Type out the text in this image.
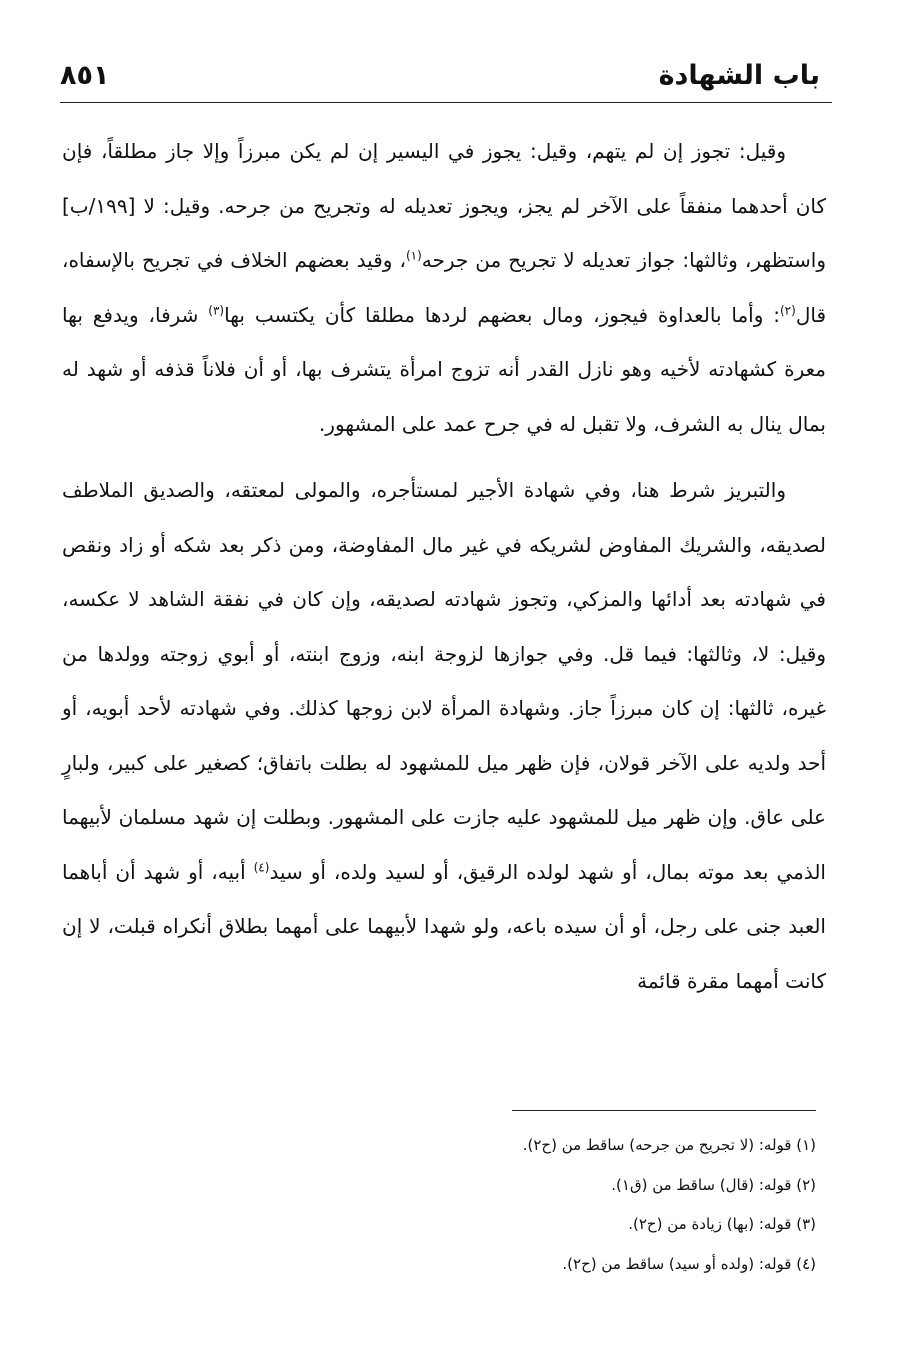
باب الشهادة
٨٥١

وقيل: تجوز إن لم يتهم، وقيل: يجوز في اليسير إن لم يكن مبرزاً وإلا جاز مطلقاً، فإن كان أحدهما منفقاً على الآخر لم يجز، ويجوز تعديله له وتجريح من جرحه. وقيل: لا [١٩٩/ب] واستظهر، وثالثها: جواز تعديله لا تجريح من جرحه$^{(١)}$، وقيد بعضهم الخلاف في تجريح بالإسفاه، قال$^{(٢)}$: وأما بالعداوة فيجوز، ومال بعضهم لردها مطلقا كأن يكتسب بها$^{(٣)}$ شرفا، ويدفع بها معرة كشهادته لأخيه وهو نازل القدر أنه تزوج امرأة يتشرف بها، أو أن فلاناً قذفه أو شهد له بمال ينال به الشرف، ولا تقبل له في جرح عمد على المشهور.

والتبريز شرط هنا، وفي شهادة الأجير لمستأجره، والمولى لمعتقه، والصديق الملاطف لصديقه، والشريك المفاوض لشريكه في غير مال المفاوضة، ومن ذكر بعد شكه أو زاد ونقص في شهادته بعد أدائها والمزكي، وتجوز شهادته لصديقه، وإن كان في نفقة الشاهد لا عكسه، وقيل: لا، وثالثها: فيما قل. وفي جوازها لزوجة ابنه، وزوج ابنته، أو أبوي زوجته وولدها من غيره، ثالثها: إن كان مبرزاً جاز. وشهادة المرأة لابن زوجها كذلك. وفي شهادته لأحد أبويه، أو أحد ولديه على الآخر قولان، فإن ظهر ميل للمشهود له بطلت باتفاق؛ كصغير على كبير، ولبارٍ على عاق. وإن ظهر ميل للمشهود عليه جازت على المشهور. وبطلت إن شهد مسلمان لأبيهما الذمي بعد موته بمال، أو شهد لولده الرقيق، أو لسيد ولده، أو سيد$^{(٤)}$ أبيه، أو شهد أن أباهما العبد جنى على رجل، أو أن سيده باعه، ولو شهدا لأبيهما على أمهما بطلاق أنكراه قبلت، لا إن كانت أمهما مقرة قائمة

(١) قوله: (لا تجريح من جرحه) ساقط من (ح٢).

(٢) قوله: (قال) ساقط من (ق١).

(٣) قوله: (بها) زيادة من (ح٢).

(٤) قوله: (ولده أو سيد) ساقط من (ح٢).
